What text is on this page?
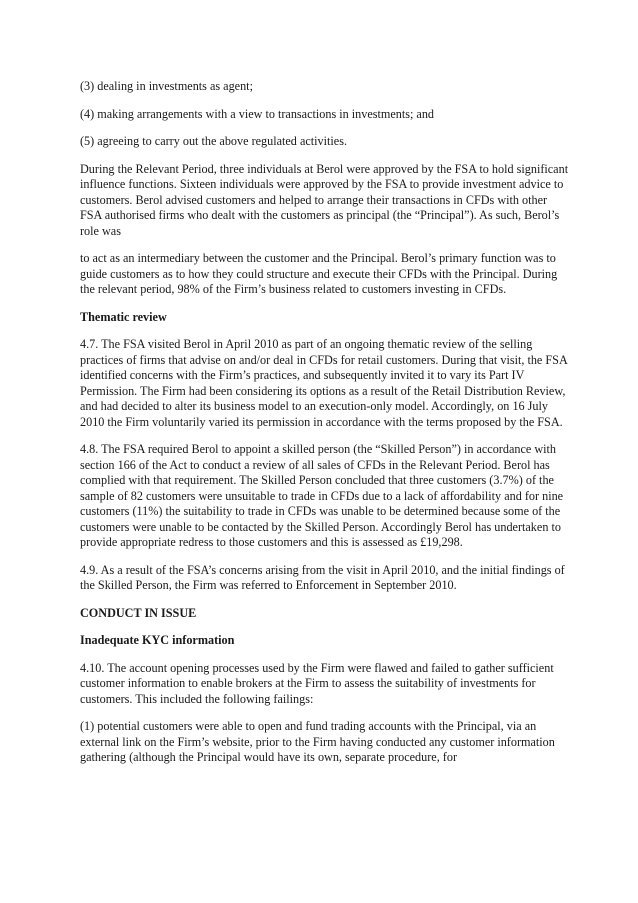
(3) dealing in investments as agent;

(4) making arrangements with a view to transactions in investments; and

(5) agreeing to carry out the above regulated activities.

During the Relevant Period, three individuals at Berol were approved by the FSA to hold significant influence functions. Sixteen individuals were approved by the FSA to provide investment advice to customers. Berol advised customers and helped to arrange their transactions in CFDs with other FSA authorised firms who dealt with the customers as principal (the “Principal”). As such, Berol’s role was

to act as an intermediary between the customer and the Principal. Berol’s primary function was to guide customers as to how they could structure and execute their CFDs with the Principal. During the relevant period, 98% of the Firm’s business related to customers investing in CFDs.

Thematic review

4.7. The FSA visited Berol in April 2010 as part of an ongoing thematic review of the selling practices of firms that advise on and/or deal in CFDs for retail customers. During that visit, the FSA identified concerns with the Firm’s practices, and subsequently invited it to vary its Part IV Permission. The Firm had been considering its options as a result of the Retail Distribution Review, and had decided to alter its business model to an execution-only model. Accordingly, on 16 July 2010 the Firm voluntarily varied its permission in accordance with the terms proposed by the FSA.

4.8. The FSA required Berol to appoint a skilled person (the “Skilled Person”) in accordance with section 166 of the Act to conduct a review of all sales of CFDs in the Relevant Period. Berol has complied with that requirement. The Skilled Person concluded that three customers (3.7%) of the sample of 82 customers were unsuitable to trade in CFDs due to a lack of affordability and for nine customers (11%) the suitability to trade in CFDs was unable to be determined because some of the customers were unable to be contacted by the Skilled Person. Accordingly Berol has undertaken to provide appropriate redress to those customers and this is assessed as £19,298.

4.9. As a result of the FSA’s concerns arising from the visit in April 2010, and the initial findings of the Skilled Person, the Firm was referred to Enforcement in September 2010.

CONDUCT IN ISSUE

Inadequate KYC information

4.10. The account opening processes used by the Firm were flawed and failed to gather sufficient customer information to enable brokers at the Firm to assess the suitability of investments for customers. This included the following failings:

(1) potential customers were able to open and fund trading accounts with the Principal, via an external link on the Firm’s website, prior to the Firm having conducted any customer information gathering (although the Principal would have its own, separate procedure, for
